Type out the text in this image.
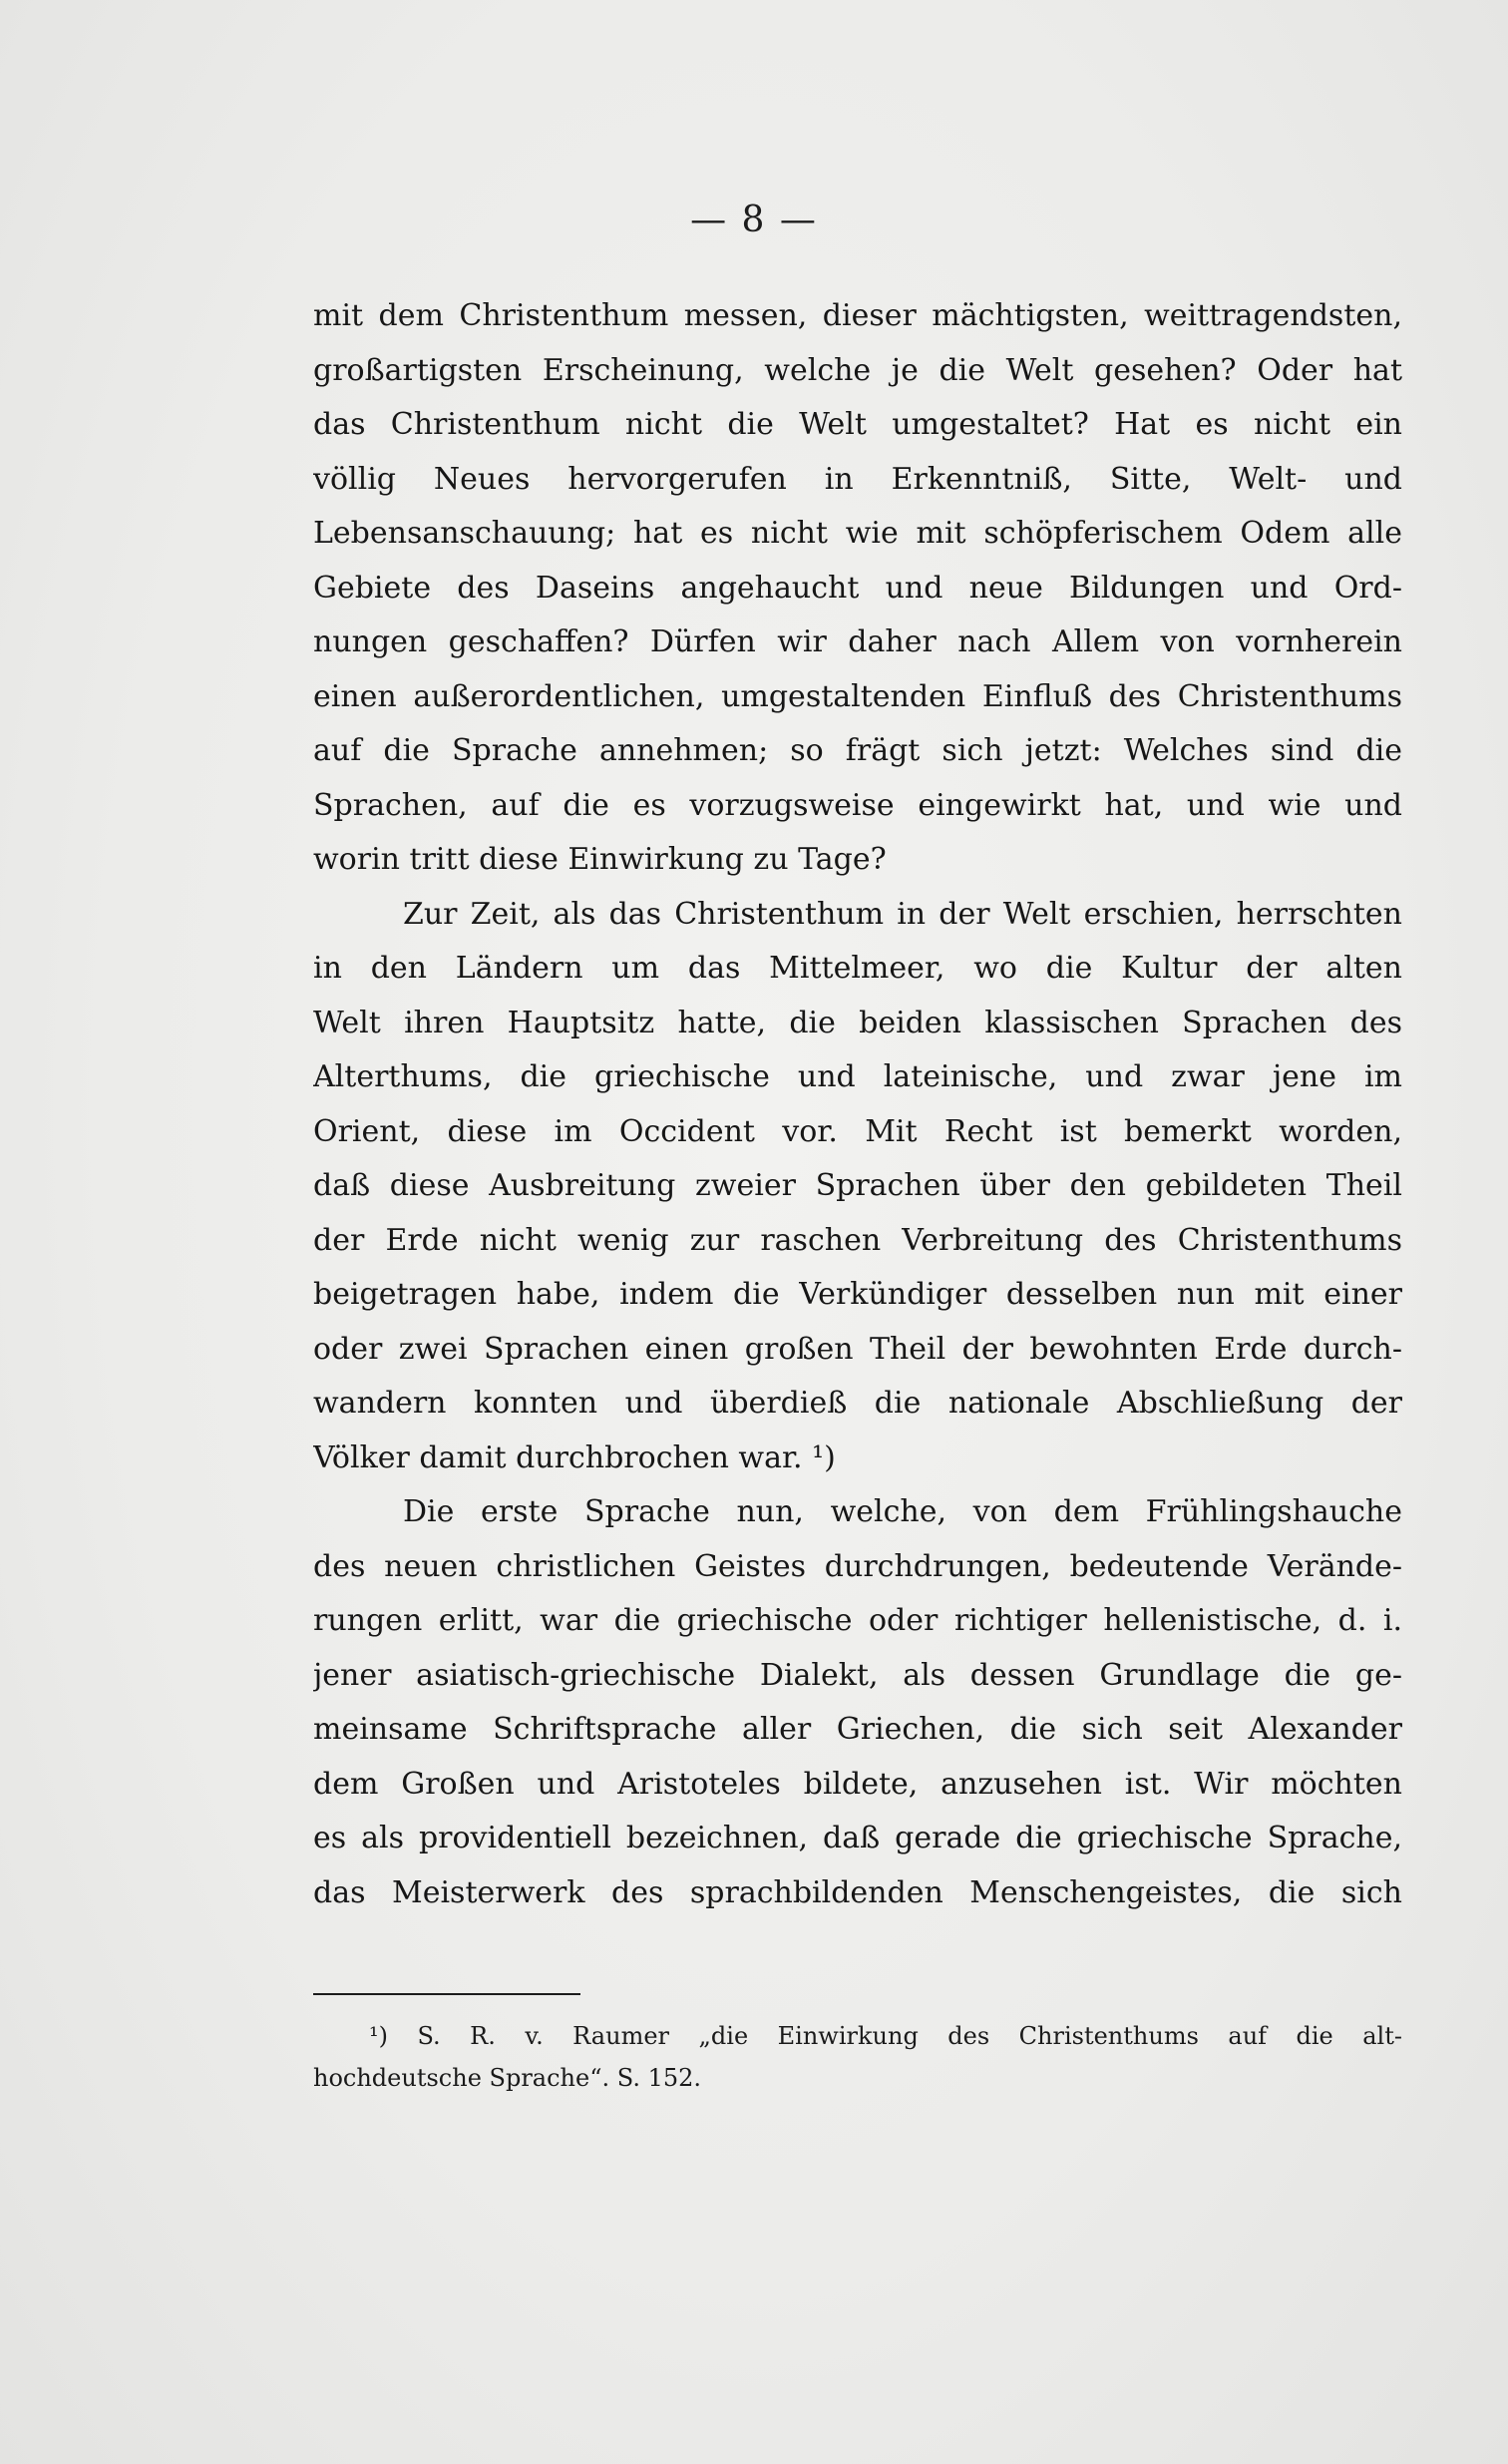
— 8 —
mit dem Christenthum messen, dieser mächtigsten, weittragendsten,
großartigsten Erscheinung, welche je die Welt gesehen? Oder hat
das Christenthum nicht die Welt umgestaltet? Hat es nicht ein
völlig Neues hervorgerufen in Erkenntniß, Sitte, Welt- und
Lebensanschauung; hat es nicht wie mit schöpferischem Odem alle
Gebiete des Daseins angehaucht und neue Bildungen und Ord-
nungen geschaffen? Dürfen wir daher nach Allem von vornherein
einen außerordentlichen, umgestaltenden Einfluß des Christenthums
auf die Sprache annehmen; so frägt sich jetzt: Welches sind die
Sprachen, auf die es vorzugsweise eingewirkt hat, und wie und
worin tritt diese Einwirkung zu Tage?
Zur Zeit, als das Christenthum in der Welt erschien, herrschten
in den Ländern um das Mittelmeer, wo die Kultur der alten
Welt ihren Hauptsitz hatte, die beiden klassischen Sprachen des
Alterthums, die griechische und lateinische, und zwar jene im
Orient, diese im Occident vor. Mit Recht ist bemerkt worden,
daß diese Ausbreitung zweier Sprachen über den gebildeten Theil
der Erde nicht wenig zur raschen Verbreitung des Christenthums
beigetragen habe, indem die Verkündiger desselben nun mit einer
oder zwei Sprachen einen großen Theil der bewohnten Erde durch-
wandern konnten und überdieß die nationale Abschließung der
Völker damit durchbrochen war. ¹)
Die erste Sprache nun, welche, von dem Frühlingshauche
des neuen christlichen Geistes durchdrungen, bedeutende Verände-
rungen erlitt, war die griechische oder richtiger hellenistische, d. i.
jener asiatisch-griechische Dialekt, als dessen Grundlage die ge-
meinsame Schriftsprache aller Griechen, die sich seit Alexander
dem Großen und Aristoteles bildete, anzusehen ist. Wir möchten
es als providentiell bezeichnen, daß gerade die griechische Sprache,
das Meisterwerk des sprachbildenden Menschengeistes, die sich
¹) S. R. v. Raumer „die Einwirkung des Christenthums auf die alt-
hochdeutsche Sprache“. S. 152.
